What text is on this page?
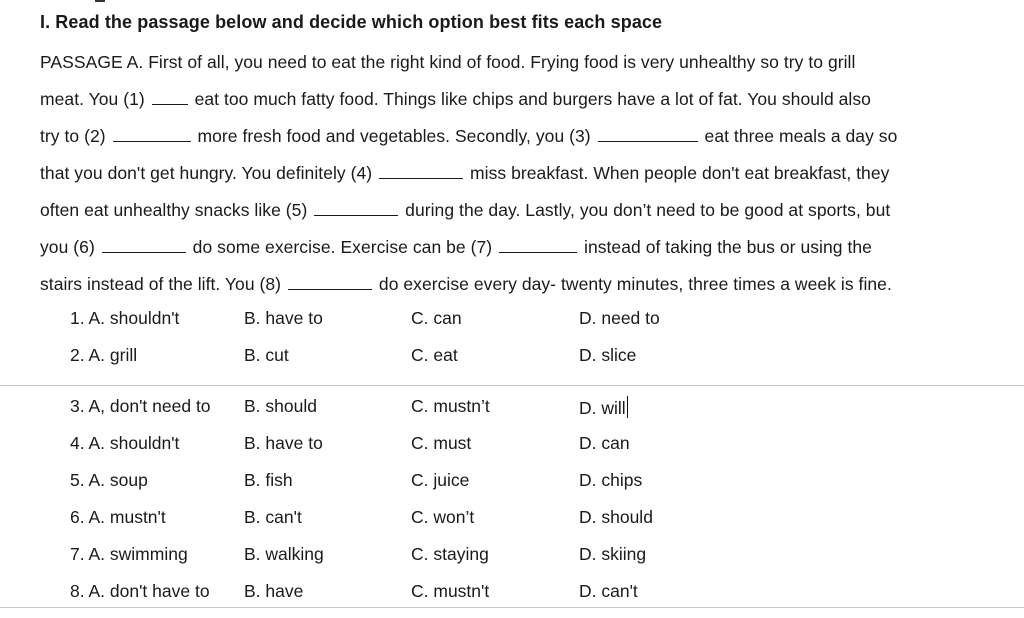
I. Read the passage below and decide which option best fits each space
PASSAGE A. First of all, you need to eat the right kind of food. Frying food is very unhealthy so try to grill
meat. You (1)	eat too much fatty food. Things like chips and burgers have a lot of fat. You should also
try to (2)	more fresh food and vegetables. Secondly, you (3)	eat three meals a day so
that you don't get hungry. You definitely (4)	miss breakfast. When people don't eat breakfast, they
often eat unhealthy snacks like (5)	during the day. Lastly, you don’t need to be good at sports, but
you (6)	do some exercise. Exercise can be (7)	instead of taking the bus or using the
stairs instead of the lift. You (8)	do exercise every day- twenty minutes, three times a week is fine.
1. A. shouldn't	B. have to	C. can	D. need to
2. A. grill	B. cut	C. eat	D. slice
3. A, don't need to B. should	C. mustn’t	D. will
4. A. shouldn't	B. have to	C. must	D. can
5. A. soup	B. fish	C. juice	D. chips
6. A. mustn't	B. can't	C. won’t	D. should
7. A. swimming	B. walking	C. staying	D. skiing
8. A. don't have to B. have	C. mustn't	D. can't
